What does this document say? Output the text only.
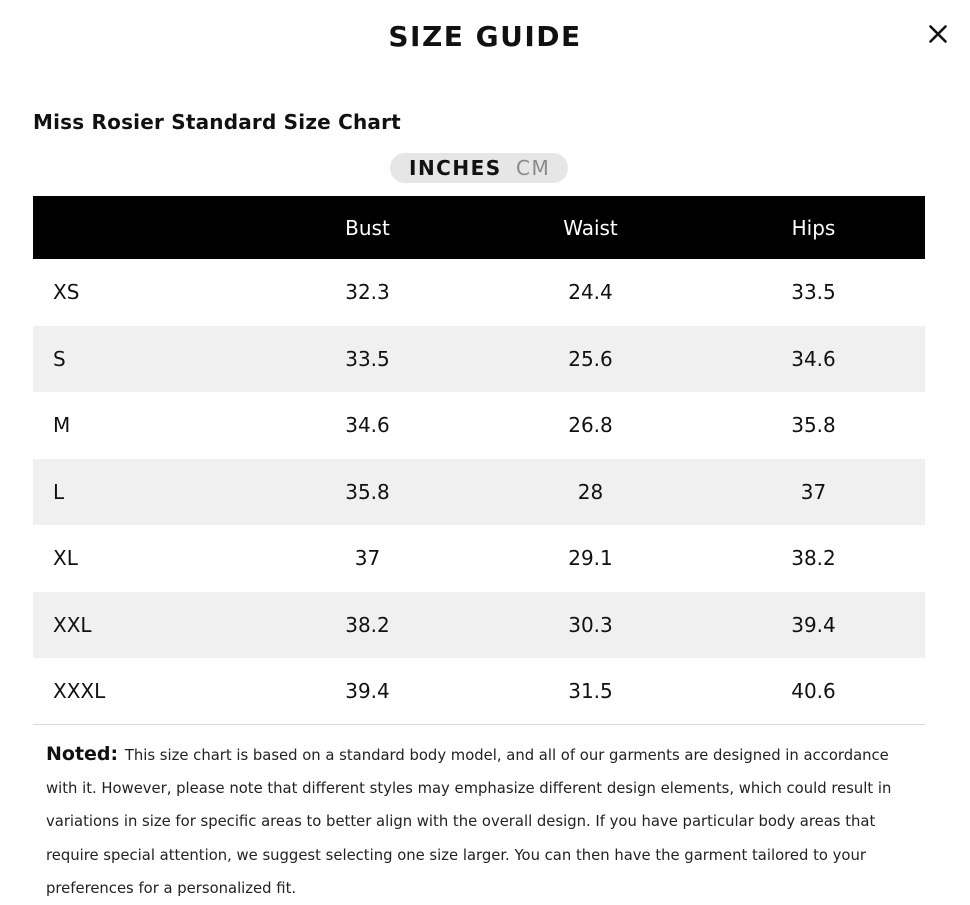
SIZE GUIDE
Miss Rosier Standard Size Chart
INCHES CM
	Bust	Waist	Hips
XS	32.3	24.4	33.5
S	33.5	25.6	34.6
M	34.6	26.8	35.8
L	35.8	28	37
XL	37	29.1	38.2
XXL	38.2	30.3	39.4
XXXL	39.4	31.5	40.6
Noted: This size chart is based on a standard body model, and all of our garments are designed in accordance with it. However, please note that different styles may emphasize different design elements, which could result in variations in size for specific areas to better align with the overall design. If you have particular body areas that require special attention, we suggest selecting one size larger. You can then have the garment tailored to your preferences for a personalized fit.
